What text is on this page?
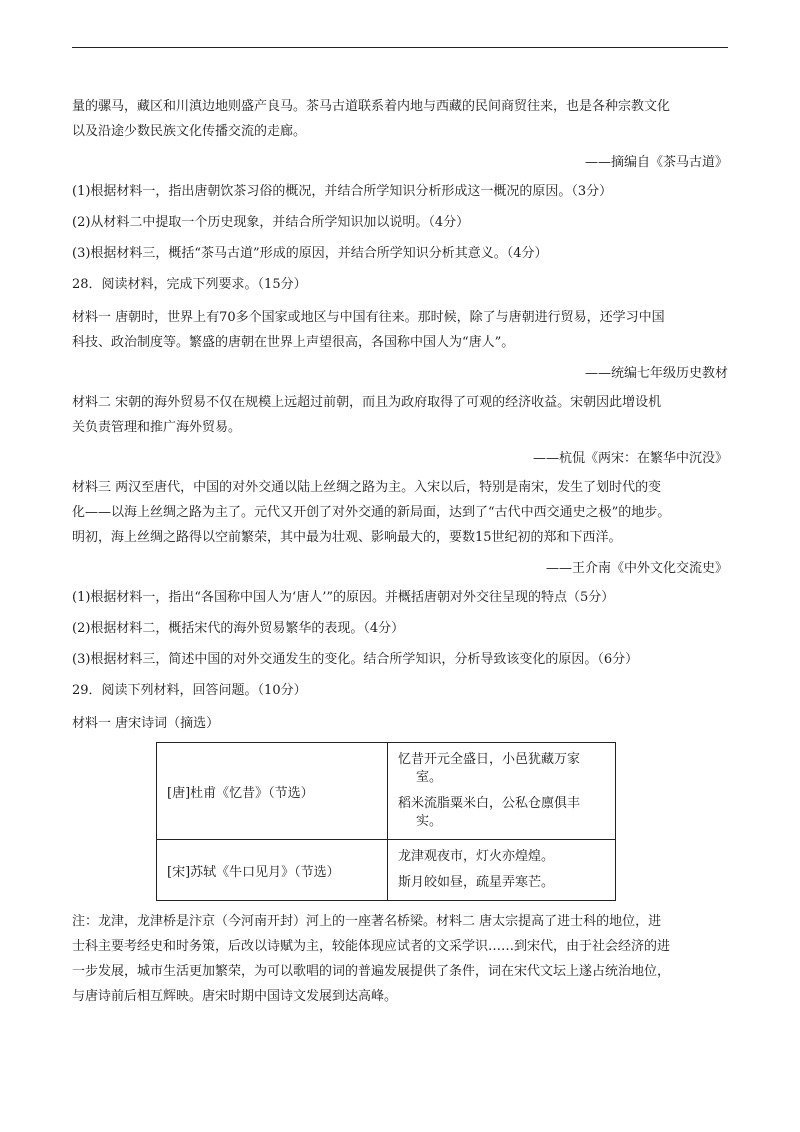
量的骡马，藏区和川滇边地则盛产良马。茶马古道联系着内地与西藏的民间商贸往来，也是各种宗教文化
以及沿途少数民族文化传播交流的走廊。
——摘编自《茶马古道》
(1)根据材料一，指出唐朝饮茶习俗的概况，并结合所学知识分析形成这一概况的原因。（3分）
(2)从材料二中提取一个历史现象，并结合所学知识加以说明。（4分）
(3)根据材料三，概括“茶马古道”形成的原因，并结合所学知识分析其意义。（4分）
28．阅读材料，完成下列要求。（15分）
材料一 唐朝时，世界上有70多个国家或地区与中国有往来。那时候，除了与唐朝进行贸易，还学习中国
科技、政治制度等。繁盛的唐朝在世界上声望很高，各国称中国人为“唐人”。
——统编七年级历史教材
材料二 宋朝的海外贸易不仅在规模上远超过前朝，而且为政府取得了可观的经济收益。宋朝因此增设机
关负责管理和推广海外贸易。
——杭侃《两宋：在繁华中沉没》
材料三 两汉至唐代，中国的对外交通以陆上丝绸之路为主。入宋以后，特别是南宋，发生了划时代的变
化——以海上丝绸之路为主了。元代又开创了对外交通的新局面，达到了“古代中西交通史之极”的地步。
明初，海上丝绸之路得以空前繁荣，其中最为壮观、影响最大的，要数15世纪初的郑和下西洋。
——王介南《中外文化交流史》
(1)根据材料一，指出“各国称中国人为‘唐人’”的原因。并概括唐朝对外交往呈现的特点（5分）
(2)根据材料二，概括宋代的海外贸易繁华的表现。（4分）
(3)根据材料三，简述中国的对外交通发生的变化。结合所学知识，分析导致该变化的原因。（6分）
29．阅读下列材料，回答问题。（10分）
材料一 唐宋诗词（摘选）
[唐]杜甫《忆昔》（节选）	忆昔开元全盛日，小邑犹藏万家
室。
稻米流脂粟米白，公私仓廪俱丰
实。

[宋]苏轼《牛口见月》（节选）	龙津观夜市，灯火亦煌煌。
斯月皎如昼，疏星弄寒芒。
注：龙津，龙津桥是汴京（今河南开封）河上的一座著名桥梁。材料二 唐太宗提高了进士科的地位，进
士科主要考经史和时务策，后改以诗赋为主，较能体现应试者的文采学识……到宋代，由于社会经济的进
一步发展，城市生活更加繁荣，为可以歌唱的词的普遍发展提供了条件，词在宋代文坛上遂占统治地位，
与唐诗前后相互辉映。唐宋时期中国诗文发展到达高峰。
